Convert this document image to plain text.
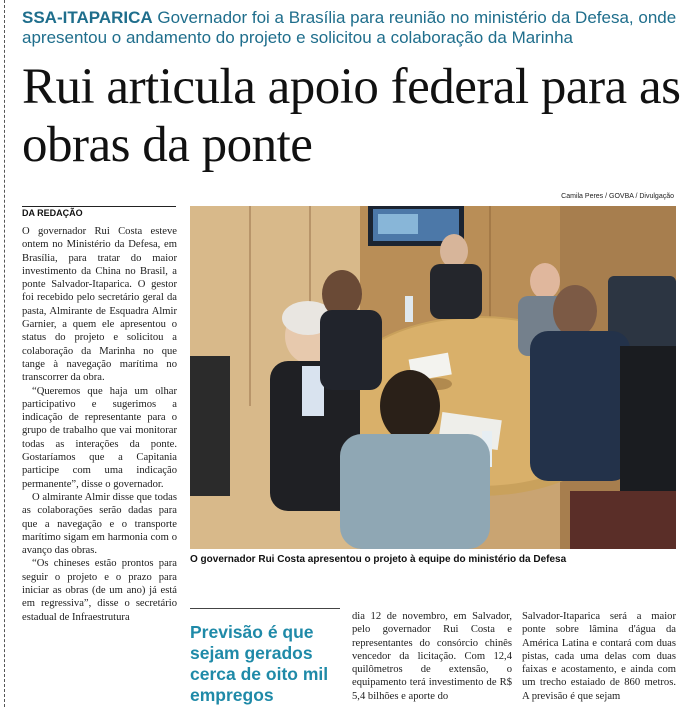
SSA-ITAPARICA Governador foi a Brasília para reunião no ministério da Defesa, onde apresentou o andamento do projeto e solicitou a colaboração da Marinha
Rui articula apoio federal para as obras da ponte
Camila Peres / GOVBA / Divulgação
DA REDAÇÃO

O governador Rui Costa esteve ontem no Ministério da Defesa, em Brasília, para tratar do maior investimento da China no Brasil, a ponte Salvador-Itaparica. O gestor foi recebido pelo secretário geral da pasta, Almirante de Esquadra Almir Garnier, a quem ele apresentou o status do projeto e solicitou a colaboração da Marinha no que tange à navegação marítima no transcorrer da obra.

“Queremos que haja um olhar participativo e sugerimos a indicação de representante para o grupo de trabalho que vai monitorar todas as interações da ponte. Gostaríamos que a Capitania participe com uma indicação permanente”, disse o governador.

O almirante Almir disse que todas as colaborações serão dadas para que a navegação e o transporte marítimo sigam em harmonia com o avanço das obras.

“Os chineses estão prontos para seguir o projeto e o prazo para iniciar as obras (de um ano) já está em regressiva”, disse o secretário estadual de Infraestrutura

O governador Rui Costa apresentou o projeto à equipe do ministério da Defesa
Previsão é que sejam gerados cerca de oito mil empregos

dia 12 de novembro, em Salvador, pelo governador Rui Costa e representantes do consórcio chinês vencedor da licitação. Com 12,4 quilômetros de extensão, o equipamento terá investimento de R$ 5,4 bilhões e aporte do

Salvador-Itaparica será a maior ponte sobre lâmina d'água da América Latina e contará com duas pistas, cada uma delas com duas faixas e acostamento, e ainda com um trecho estaiado de 860 metros. A previsão é que sejam
